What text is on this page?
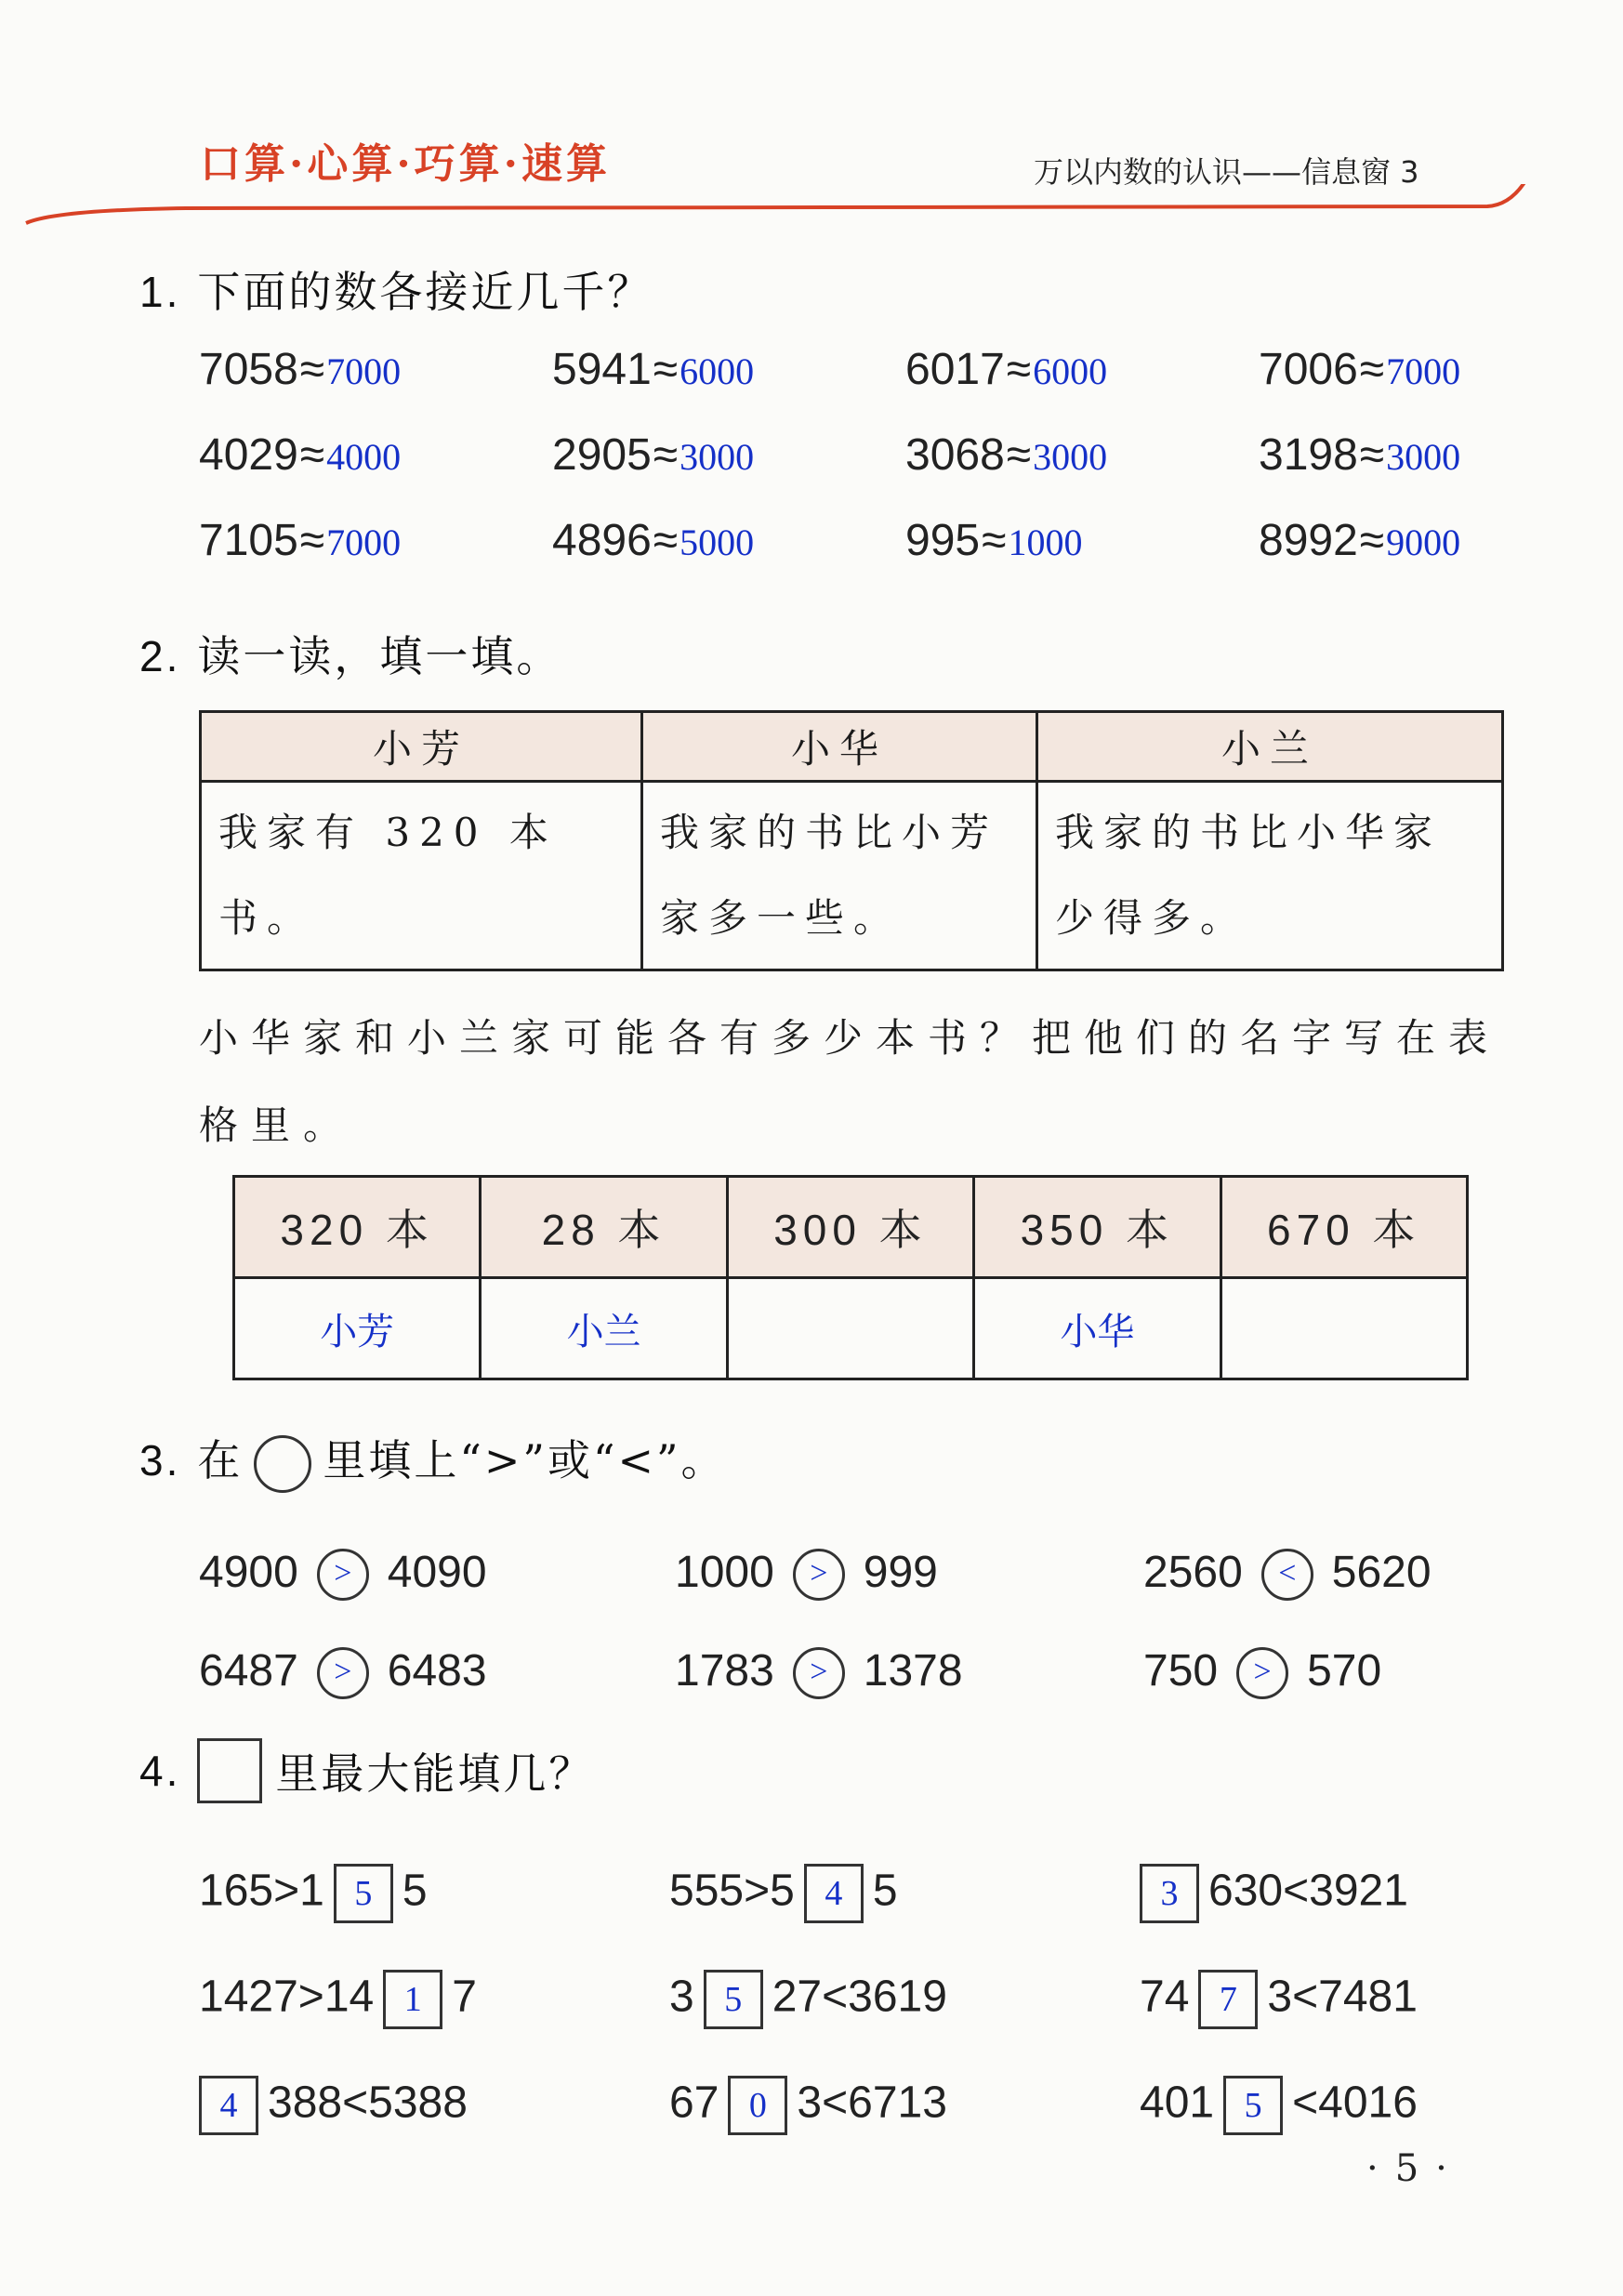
口算·心算·巧算·速算	万以内数的认识——信息窗 3
1. 下面的数各接近几千？
7058≈7000	5941≈6000	6017≈6000	7006≈7000
4029≈4000	2905≈3000	3068≈3000	3198≈3000
7105≈7000	4896≈5000	995≈1000	8992≈9000
2. 读一读，填一填。
小芳	小华	小兰
我家有 320 本书。	我家的书比小芳家多一些。	我家的书比小华家少得多。
小华家和小兰家可能各有多少本书？把他们的名字写在表格里。
320 本	28 本	300 本	350 本	670 本
小芳	小兰		小华	
3. 在 里填上“>”或“<”。
4900 > 4090	1000 > 999	2560 < 5620
6487 > 6483	1783 > 1378	750 > 570
4. 里最大能填几？
165>1 5 5	555>5 4 5	3 630<3921
1427>14 1 7	3 5 27<3619	74 7 3<7481
4 388<5388	67 0 3<6713	401 5 <4016
·5·
